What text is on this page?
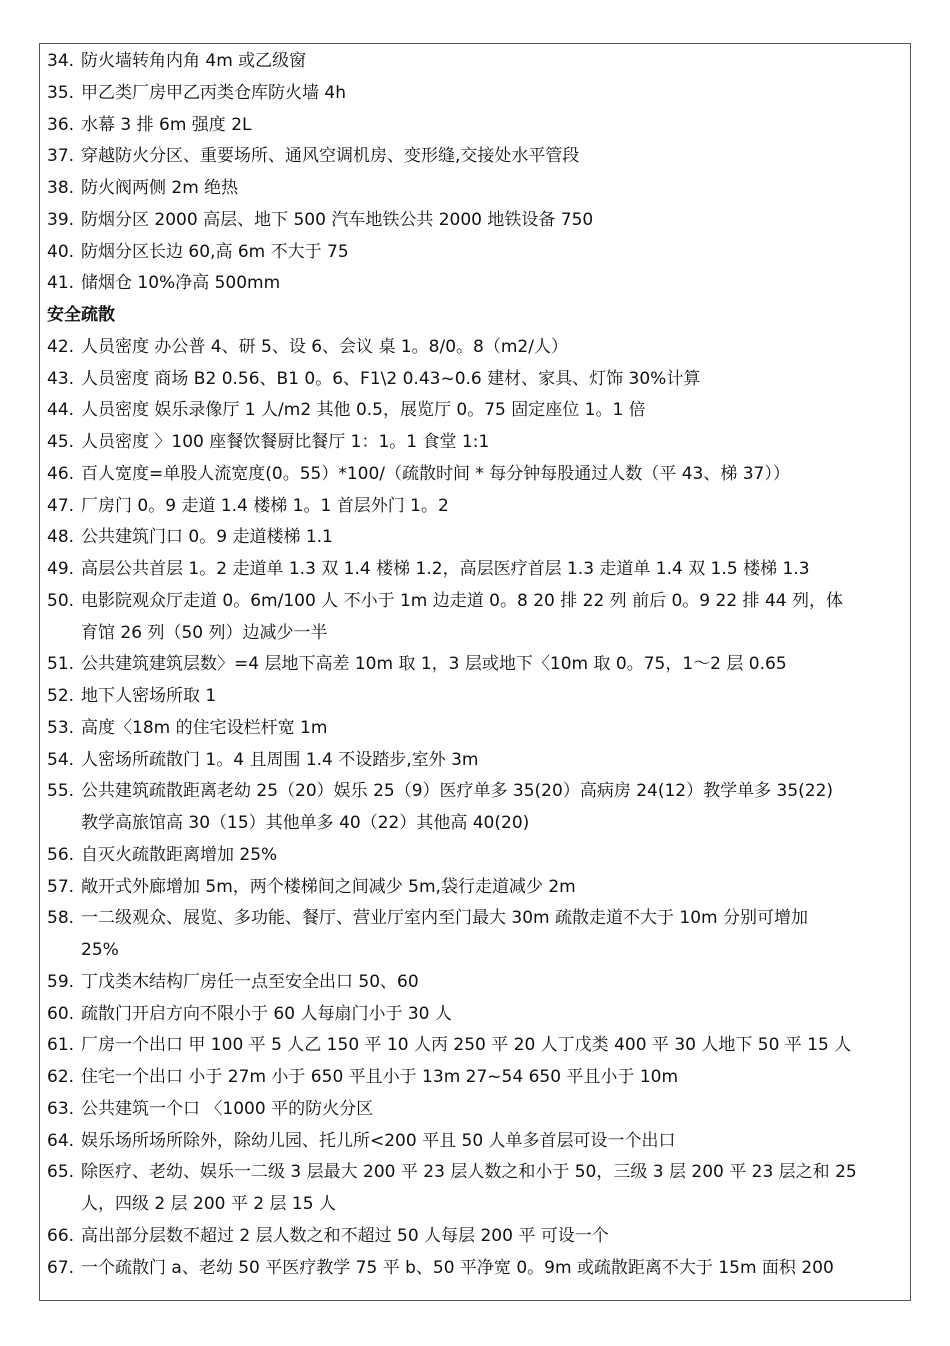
34. 防火墙转角内角 4m 或乙级窗
35. 甲乙类厂房甲乙丙类仓库防火墙 4h
36. 水幕 3 排 6m 强度 2L
37. 穿越防火分区、重要场所、通风空调机房、变形缝,交接处水平管段
38. 防火阀两侧 2m 绝热
39. 防烟分区 2000 高层、地下 500 汽车地铁公共 2000 地铁设备 750
40. 防烟分区长边 60,高 6m 不大于 75
41. 储烟仓 10%净高 500mm
安全疏散
42. 人员密度 办公普 4、研 5、设 6、会议 桌 1。8/0。8（m2/人）
43. 人员密度 商场 B2 0.56、B1 0。6、F1\2 0.43~0.6 建材、家具、灯饰 30%计算
44. 人员密度 娱乐录像厅 1 人/m2 其他 0.5，展览厅 0。75 固定座位 1。1 倍
45. 人员密度 〉100 座餐饮餐厨比餐厅 1：1。1 食堂 1:1
46. 百人宽度=单股人流宽度(0。55）*100/（疏散时间 * 每分钟每股通过人数（平 43、梯 37））
47. 厂房门 0。9 走道 1.4 楼梯 1。1 首层外门 1。2
48. 公共建筑门口 0。9 走道楼梯 1.1
49. 高层公共首层 1。2 走道单 1.3 双 1.4 楼梯 1.2，高层医疗首层 1.3 走道单 1.4 双 1.5 楼梯 1.3
50. 电影院观众厅走道 0。6m/100 人 不小于 1m 边走道 0。8 20 排 22 列 前后 0。9 22 排 44 列，体
育馆 26 列（50 列）边减少一半
51. 公共建筑建筑层数〉=4 层地下高差 10m 取 1，3 层或地下〈10m 取 0。75，1～2 层 0.65
52. 地下人密场所取 1
53. 高度〈18m 的住宅设栏杆宽 1m
54. 人密场所疏散门 1。4 且周围 1.4 不设踏步,室外 3m
55. 公共建筑疏散距离老幼 25（20）娱乐 25（9）医疗单多 35(20）高病房 24(12）教学单多 35(22)
教学高旅馆高 30（15）其他单多 40（22）其他高 40(20)
56. 自灭火疏散距离增加 25%
57. 敞开式外廊增加 5m，两个楼梯间之间减少 5m,袋行走道减少 2m
58. 一二级观众、展览、多功能、餐厅、营业厅室内至门最大 30m 疏散走道不大于 10m 分别可增加
25%
59. 丁戊类木结构厂房任一点至安全出口 50、60
60. 疏散门开启方向不限小于 60 人每扇门小于 30 人
61. 厂房一个出口 甲 100 平 5 人乙 150 平 10 人丙 250 平 20 人丁戊类 400 平 30 人地下 50 平 15 人
62. 住宅一个出口 小于 27m 小于 650 平且小于 13m 27~54 650 平且小于 10m
63. 公共建筑一个口 〈1000 平的防火分区
64. 娱乐场所场所除外，除幼儿园、托儿所<200 平且 50 人单多首层可设一个出口
65. 除医疗、老幼、娱乐一二级 3 层最大 200 平 23 层人数之和小于 50，三级 3 层 200 平 23 层之和 25
人，四级 2 层 200 平 2 层 15 人
66. 高出部分层数不超过 2 层人数之和不超过 50 人每层 200 平 可设一个
67. 一个疏散门 a、老幼 50 平医疗教学 75 平 b、50 平净宽 0。9m 或疏散距离不大于 15m 面积 200
